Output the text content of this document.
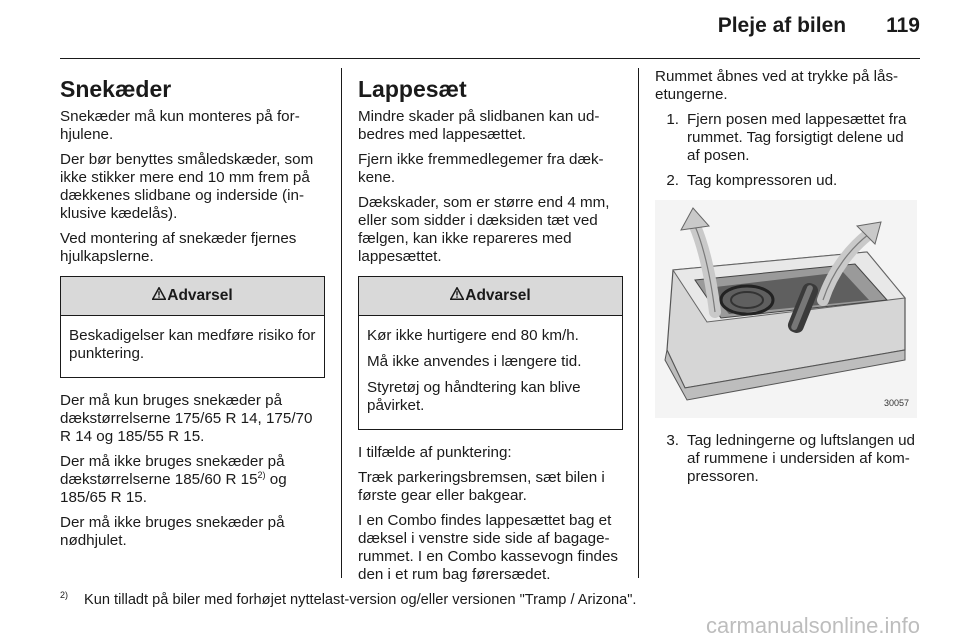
Pleje af bilen 119
Snekæder

Snekæder må kun monteres på forhjulene.

Der bør benyttes småledskæder, som ikke stikker mere end 10 mm frem på dækkenes slidbane og inderside (inklusive kædelås).

Ved montering af snekæder fjernes hjulkapslerne.

Advarsel

Beskadigelser kan medføre risiko for punktering.

Der må kun bruges snekæder på dækstørrelserne 175/65 R 14, 175/70 R 14 og 185/55 R 15.

Der må ikke bruges snekæder på dækstørrelserne 185/60 R 15$^{2)}$ og 185/65 R 15.

Der må ikke bruges snekæder på nødhjulet.

Lappesæt

Mindre skader på slidbanen kan udbedres med lappesættet.

Fjern ikke fremmedlegemer fra dækkene.

Dækskader, som er større end 4 mm, eller som sidder i dæksiden tæt ved fælgen, kan ikke repareres med lappesættet.

Advarsel

Kør ikke hurtigere end 80 km/h.

Må ikke anvendes i længere tid.

Styretøj og håndtering kan blive påvirket.

I tilfælde af punktering:

Træk parkeringsbremsen, sæt bilen i første gear eller bakgear.

I en Combo findes lappesættet bag et dæksel i venstre side side af bagagerummet. I en Combo kassevogn findes den i et rum bag førersædet.

Rummet åbnes ved at trykke på låsetungerne.

1. Fjern posen med lappesættet fra rummet. Tag forsigtigt delene ud af posen.
2. Tag kompressoren ud.
30057
3. Tag ledningerne og luftslangen ud af rummene i undersiden af kompressoren.
$^{2)}$ Kun tilladt på biler med forhøjet nyttelast-version og/eller versionen "Tramp / Arizona".
carmanualsonline.info
